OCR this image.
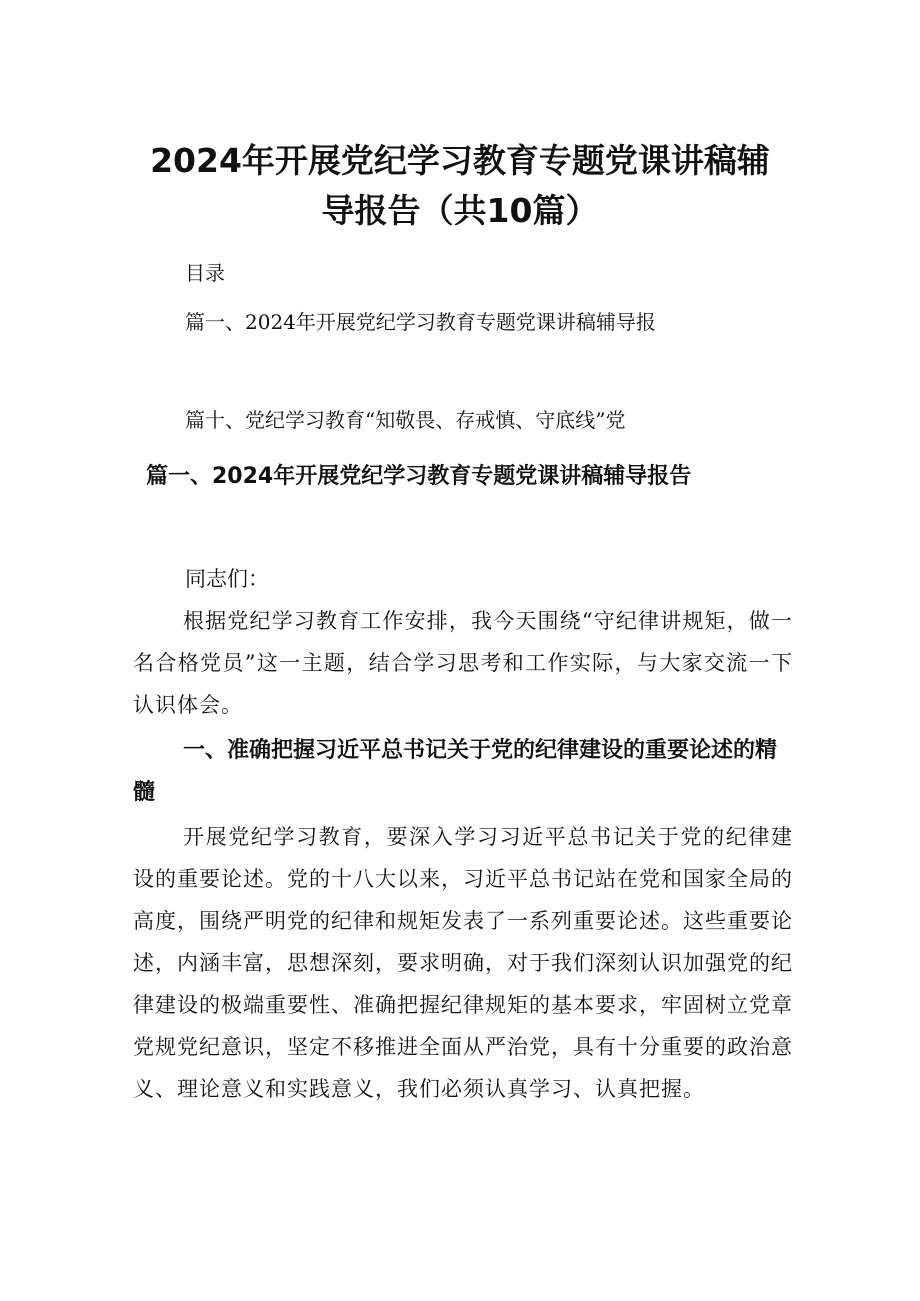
2024年开展党纪学习教育专题党课讲稿辅
导报告（共10篇）
目录
篇一、2024年开展党纪学习教育专题党课讲稿辅导报
篇十、党纪学习教育“知敬畏、存戒慎、守底线”党
篇一、2024年开展党纪学习教育专题党课讲稿辅导报告
同志们：
根据党纪学习教育工作安排，我今天围绕“守纪律讲规矩，做一名合格党员”这一主题，结合学习思考和工作实际，与大家交流一下认识体会。
一、准确把握习近平总书记关于党的纪律建设的重要论述的精髓
开展党纪学习教育，要深入学习习近平总书记关于党的纪律建设的重要论述。党的十八大以来，习近平总书记站在党和国家全局的高度，围绕严明党的纪律和规矩发表了一系列重要论述。这些重要论述，内涵丰富，思想深刻，要求明确，对于我们深刻认识加强党的纪律建设的极端重要性、准确把握纪律规矩的基本要求，牢固树立党章党规党纪意识，坚定不移推进全面从严治党，具有十分重要的政治意义、理论意义和实践意义，我们必须认真学习、认真把握。
